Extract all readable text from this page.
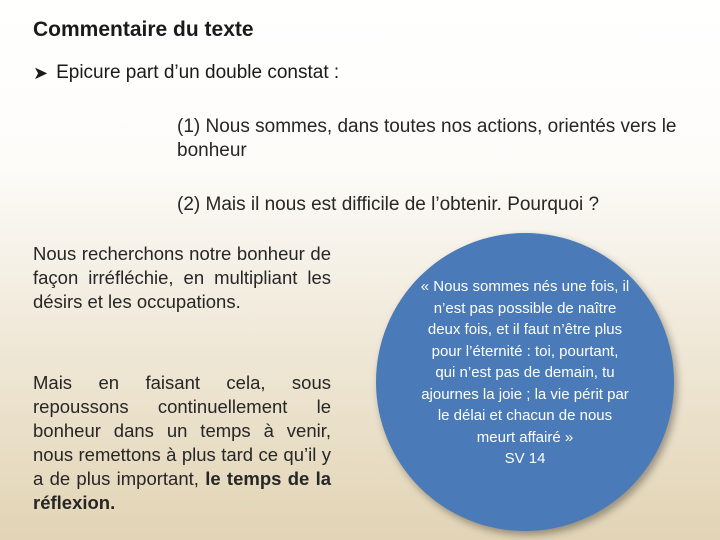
Commentaire du texte
➤ Epicure part d’un double constat :
(1) Nous sommes, dans toutes nos actions, orientés vers le bonheur
(2) Mais il nous est difficile de l’obtenir. Pourquoi ?
Nous recherchons notre bonheur de façon irréfléchie, en multipliant les désirs et les occupations.
Mais en faisant cela, sous repoussons continuellement le bonheur dans un temps à venir, nous remettons à plus tard ce qu’il y a de plus important, le temps de la réflexion.
« Nous sommes nés une fois, il n’est pas possible de naître deux fois, et il faut n’être plus pour l’éternité : toi, pourtant, qui n’est pas de demain, tu ajournes la joie ; la vie périt par le délai et chacun de nous meurt affairé »
SV 14
